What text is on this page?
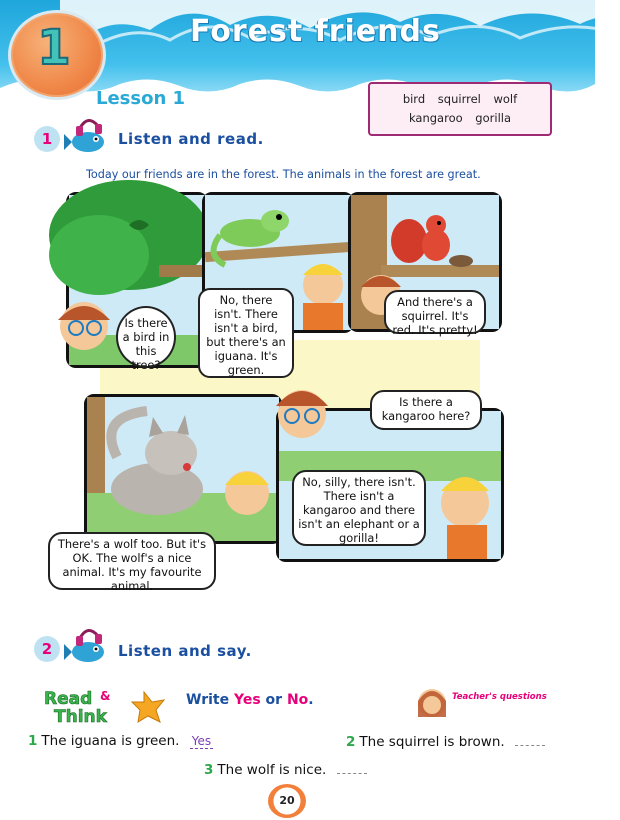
1	Forest friends
Lesson 1	bird squirrel wolf
kangaroo gorilla
1	Listen and read.
Today our friends are in the forest. The animals in the forest are great.
Is there a bird in this tree?
No, there isn't. There isn't a bird, but there's an iguana. It's green.
And there's a squirrel. It's red. It's pretty!
Is there a kangaroo here?
There's a wolf too. But it's OK. The wolf's a nice animal. It's my favourite animal.
No, silly, there isn't. There isn't a kangaroo and there isn't an elephant or a gorilla!
2	Listen and say.
Read &
Think
Write Yes or No.	Teacher's questions
1 The iguana is green. Yes	2 The squirrel is brown.
3 The wolf is nice.
20
